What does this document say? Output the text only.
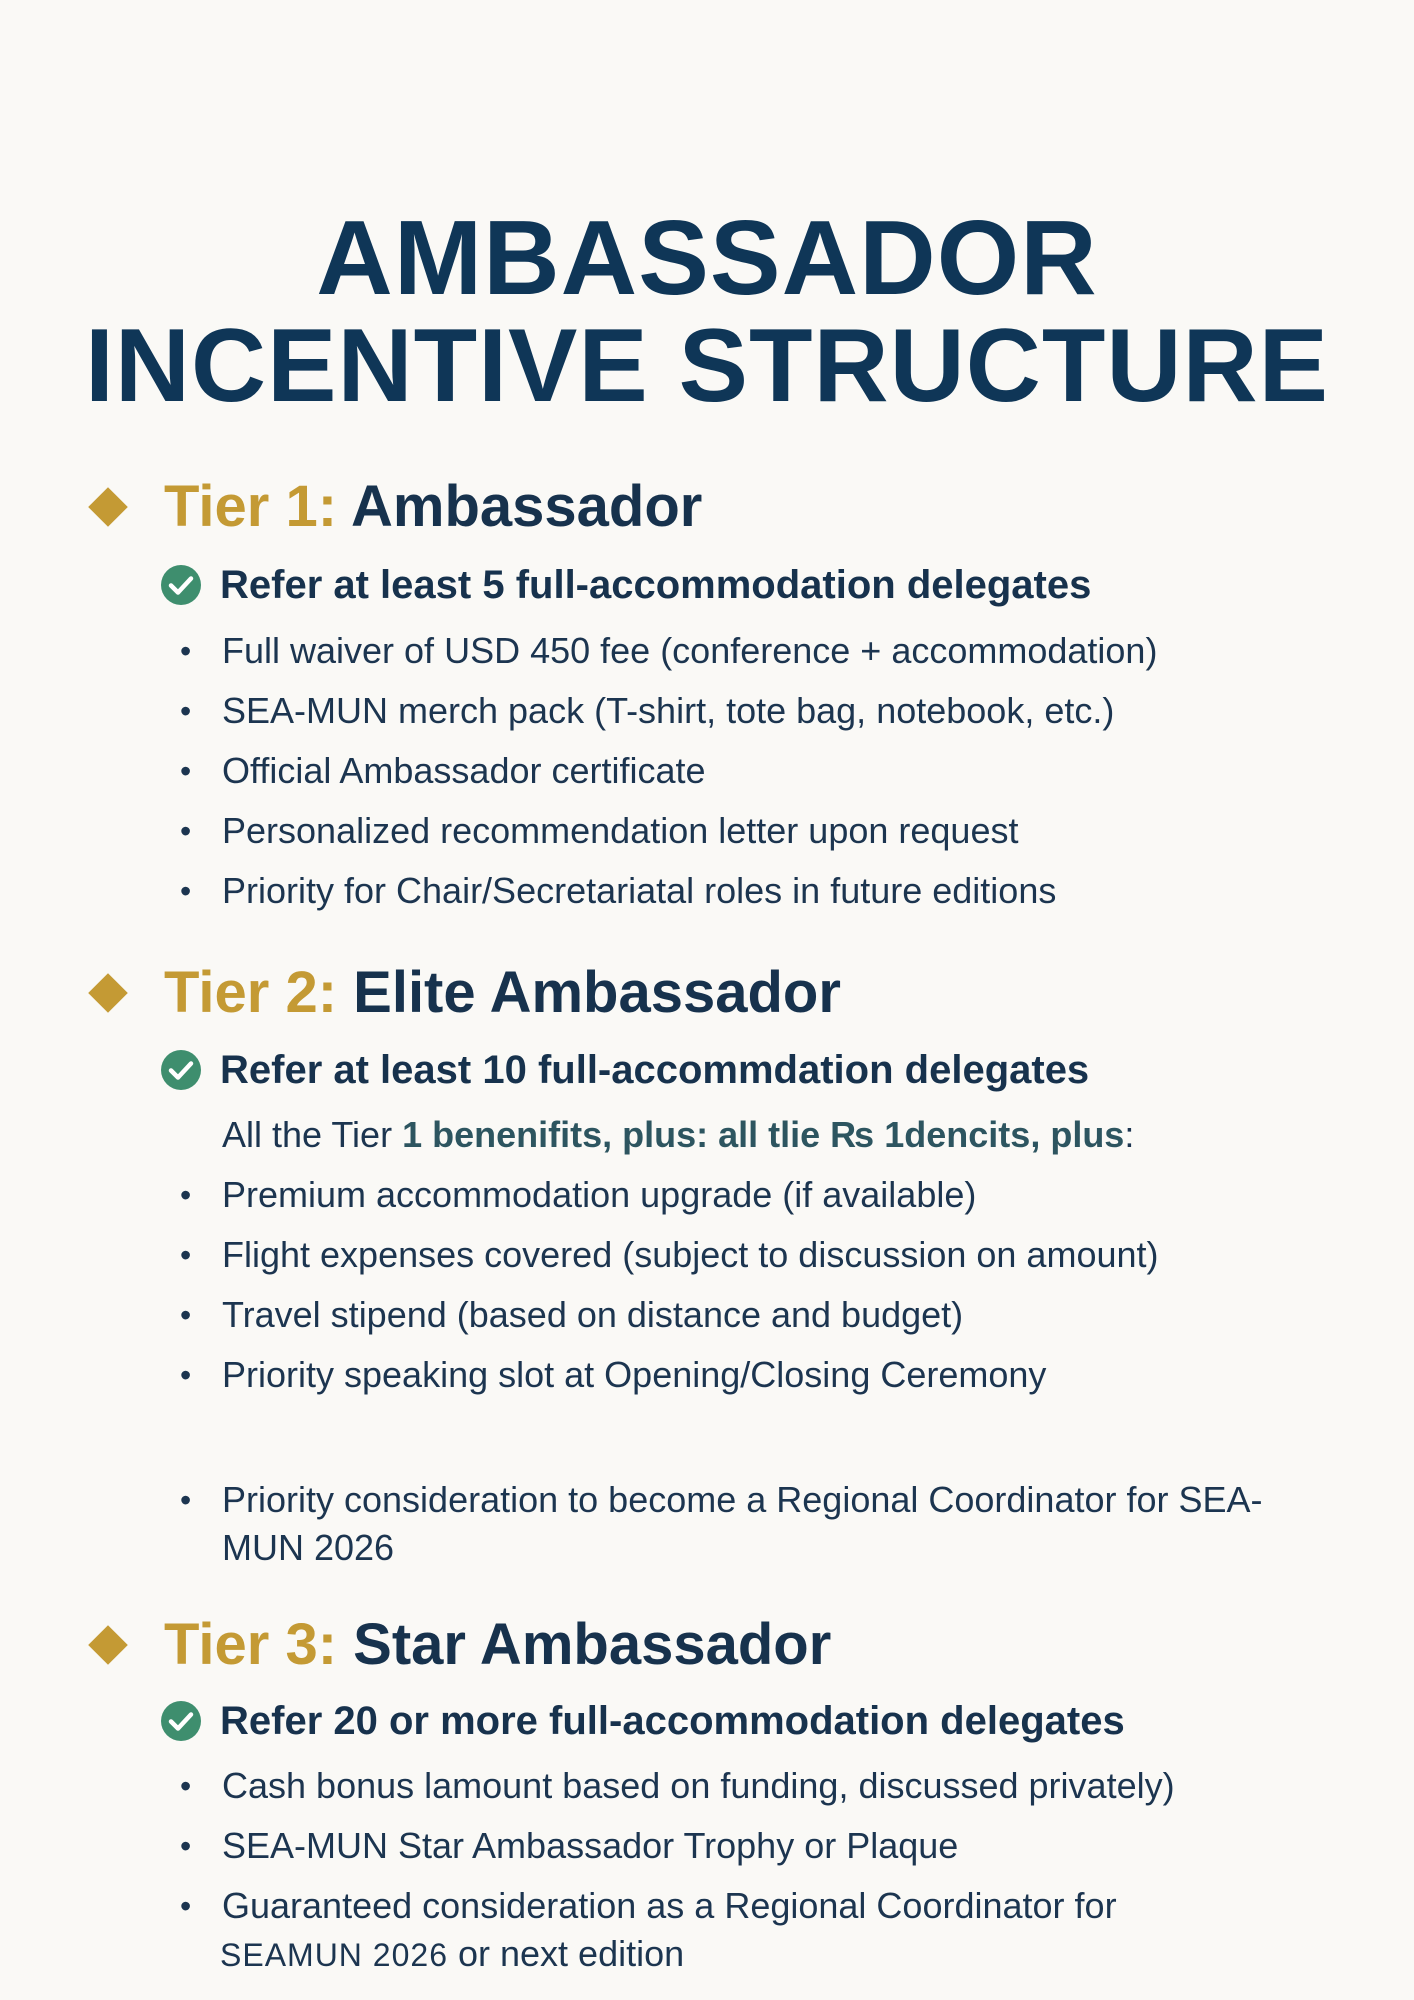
AMBASSADOR
INCENTIVE STRUCTURE
Tier 1: Ambassador
Refer at least 5 full-accommodation delegates
• Full waiver of USD 450 fee (conference + accommodation)
• SEA-MUN merch pack (T-shirt, tote bag, notebook, etc.)
• Official Ambassador certificate
• Personalized recommendation letter upon request
• Priority for Chair/Secretariatal roles in future editions
Tier 2: Elite Ambassador
Refer at least 10 full-accommdation delegates
All the Tier 1 benenifits, plus: all tlie ₨ 1dencits, plus:
• Premium accommodation upgrade (if available)
• Flight expenses covered (subject to discussion on amount)
• Travel stipend (based on distance and budget)
• Priority speaking slot at Opening/Closing Ceremony
• Priority consideration to become a Regional Coordinator for SEA-MUN 2026
Tier 3: Star Ambassador
Refer 20 or more full-accommodation delegates
• Cash bonus lamount based on funding, discussed privately)
• SEA-MUN Star Ambassador Trophy or Plaque
• Guaranteed consideration as a Regional Coordinator for
SEAMUN 2026 or next edition
